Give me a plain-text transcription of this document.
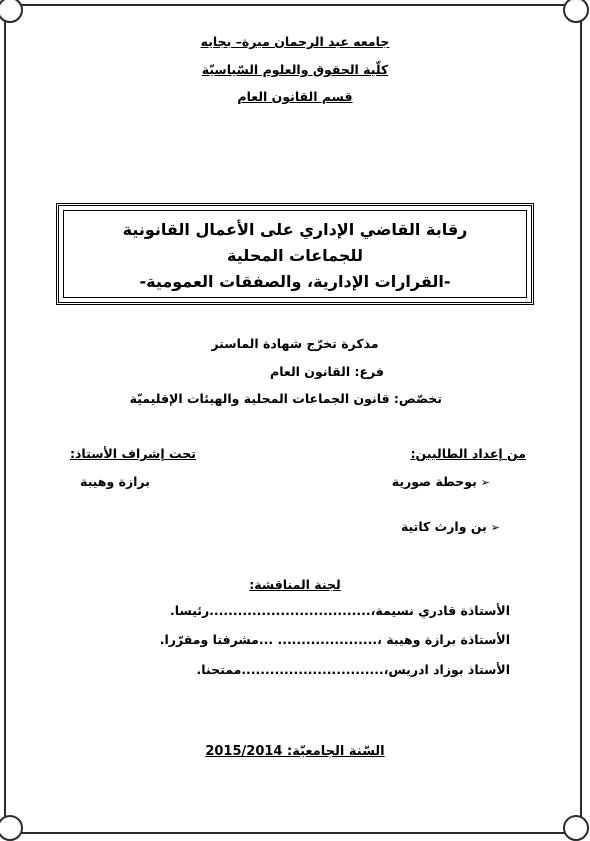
جامعه عبد الرحمان ميرة– بجايه
كلّية الحقوق والعلوم السّياسيّة
قسم القانون العام
رقابة القاضي الإداري على الأعمال القانونية
للجماعات المحلية
-القرارات الإدارية، والصفقات العمومية-
مذكرة تخرّج شهادة الماستر
فرع: القانون العام
تخصّص: قانون الجماعات المحلية والهيئات الإقليميّة
من إعداد الطالبين:
تحت إشراف الأستاذ:
➢بوحطة صورية
برازة وهيبة
➢بن وارث كاتية
لجنة المناقشة:
الأستاذة قادري نسيمة،..................................رئيسا.
الأستاذة برازة وهيبة ،..................... ...مشرفتا ومقرّرا.
الأستاذ بوزاد ادريس،..............................ممتحنا.
السّنة الجامعيّة: 2015/2014
